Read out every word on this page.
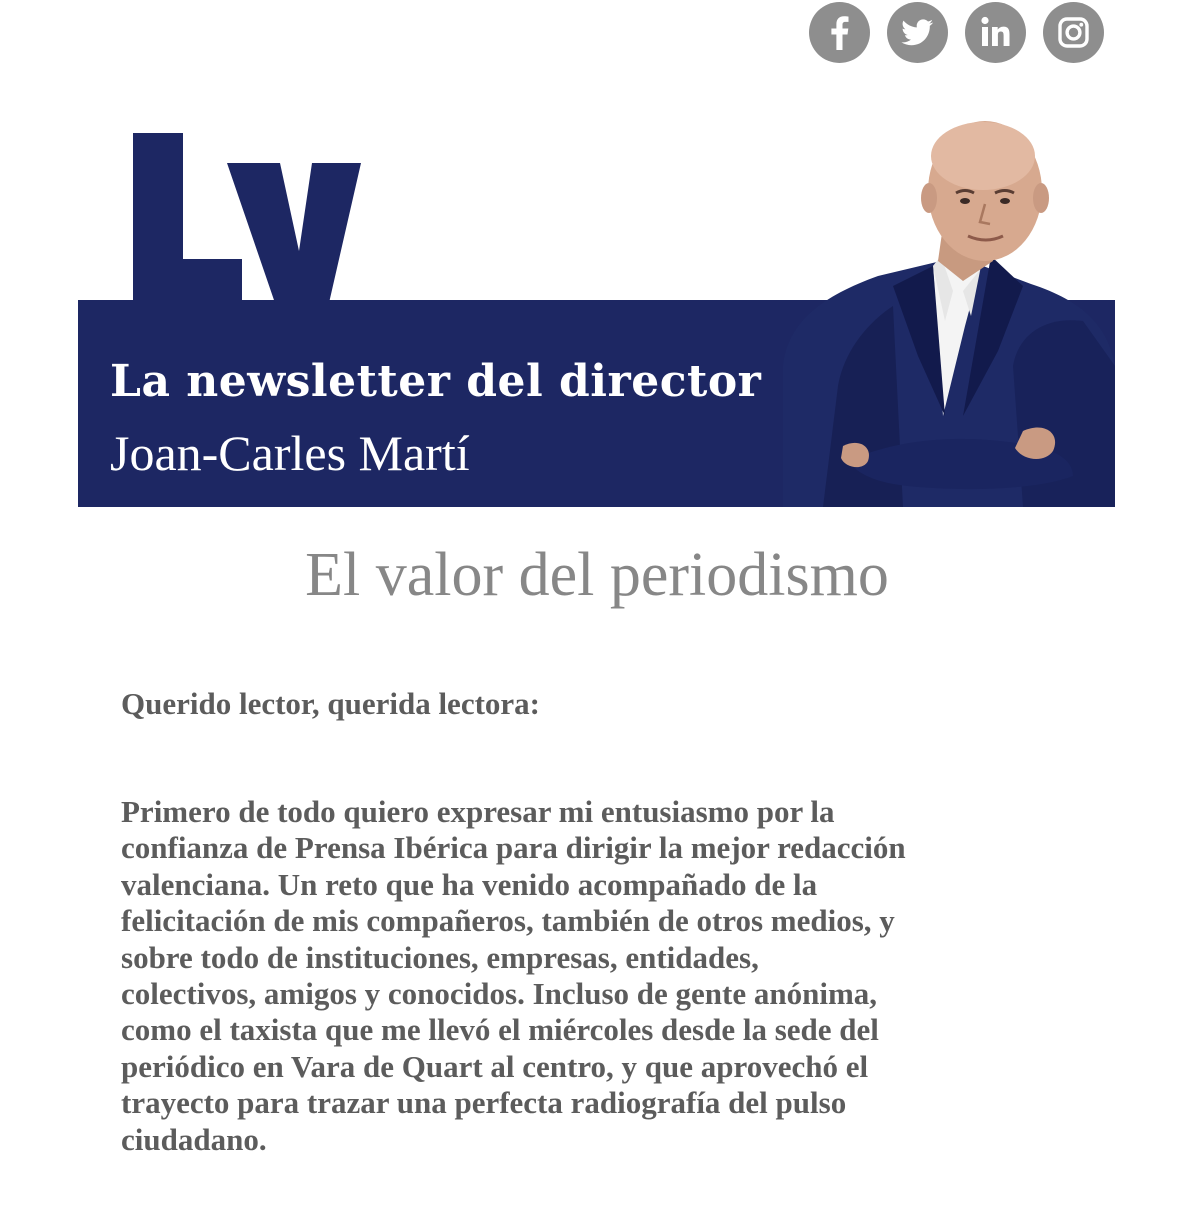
La newsletter del director
Joan-Carles Martí
El valor del periodismo
Querido lector, querida lectora:

Primero de todo quiero expresar mi entusiasmo por la
confianza de Prensa Ibérica para dirigir la mejor redacción
valenciana. Un reto que ha venido acompañado de la
felicitación de mis compañeros, también de otros medios, y
sobre todo de instituciones, empresas, entidades,
colectivos, amigos y conocidos. Incluso de gente anónima,
como el taxista que me llevó el miércoles desde la sede del
periódico en Vara de Quart al centro, y que aprovechó el
trayecto para trazar una perfecta radiografía del pulso
ciudadano.
